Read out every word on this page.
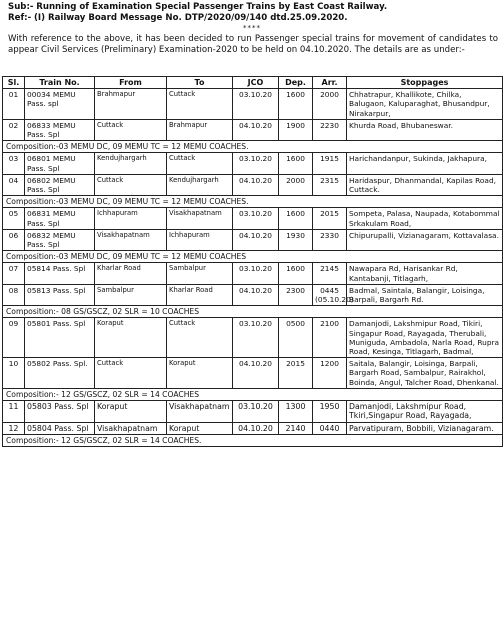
Sub:- Running of Examination Special Passenger Trains by East Coast Railway.
Ref:- (I) Railway Board Message No. DTP/2020/09/140 dtd.25.09.2020.
****
With reference to the above, it has been decided to run Passenger special trains for movement of candidates to appear Civil Services (Preliminary) Examination-2020 to be held on 04.10.2020. The details are as under:-
Sl.	Train No.	From	To	JCO	Dep.	Arr.	Stoppages
01	00034 MEMU Pass. spl	Brahmapur	Cuttack	03.10.20	1600	2000	Chhatrapur, Khallikote, Chilka, Balugaon, Kaluparaghat, Bhusandpur, Nirakarpur,
02	06833 MEMU Pass. Spl	Cuttack	Brahmapur	04.10.20	1900	2230	Khurda Road, Bhubaneswar.
Composition:-03 MEMU DC, 09 MEMU TC = 12 MEMU COACHES.							
03	06801 MEMU Pass. Spl	Kendujhargarh	Cuttack	03.10.20	1600	1915	Harichandanpur, Sukinda, Jakhapura,
04	06802 MEMU Pass. Spl	Cuttack	Kendujhargarh	04.10.20	2000	2315	Haridaspur, Dhanmandal, Kapilas Road, Cuttack.
Composition:-03 MEMU DC, 09 MEMU TC = 12 MEMU COACHES.							
05	06831 MEMU Pass. Spl	Ichhapuram	Visakhapatnam	03.10.20	1600	2015	Sompeta, Palasa, Naupada, Kotabommal Srkakulam Road,
06	06832 MEMU Pass. Spl	Visakhapatnam	Ichhapuram	04.10.20	1930	2330	Chipurupalli, Vizianagaram, Kottavalasa.
Composition:-03 MEMU DC, 09 MEMU TC = 12 MEMU COACHES							
07	05814 Pass. Spl	Kharlar Road	Sambalpur	03.10.20	1600	2145	Nawapara Rd, Harisankar Rd, Kantabanji, Titlagarh,
08	05813 Pass. Spl	Sambalpur	Kharlar Road	04.10.20	2300	0445 (05.10.20)	Badmal, Saintala, Balangir, Loisinga, Barpali, Bargarh Rd.
Composition:- 08 GS/GSCZ, 02 SLR = 10 COACHES							
09	05801 Pass. Spl	Koraput	Cuttack	03.10.20	0500	2100	Damanjodi, Lakshmipur Road, Tikiri, Singapur Road, Rayagada, Therubali, Muniguda, Ambadola, Narla Road, Rupra Road, Kesinga, Titlagarh, Badmal,
10	05802 Pass. Spl.	Cuttack	Koraput	04.10.20	2015	1200	Saitala, Balangir, Loisinga, Barpali, Bargarh Road, Sambalpur, Rairakhol, Boinda, Angul, Talcher Road, Dhenkanal.
Composition:- 12 GS/GSCZ, 02 SLR = 14 COACHES							
11	05803 Pass. Spl	Koraput	Visakhapatnam	03.10.20	1300	1950	Damanjodi, Lakshmipur Road, Tkiri,Singapur Road, Rayagada,
12	05804 Pass. Spl	Visakhapatnam	Koraput	04.10.20	2140	0440	Parvatipuram, Bobbili, Vizianagaram.
Composition:- 12 GS/GSCZ, 02 SLR = 14 COACHES.							
